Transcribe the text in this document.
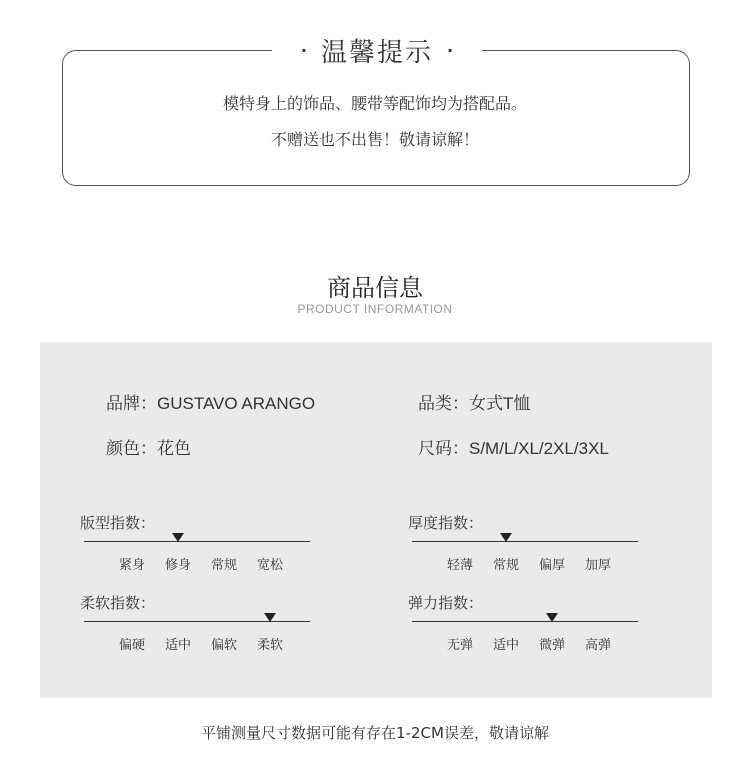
· 温馨提示 ·
模特身上的饰品、腰带等配饰均为搭配品。
不赠送也不出售！敬请谅解！
商品信息
PRODUCT INFORMATION
品牌：GUSTAVO ARANGO	品类：女式T恤
颜色：花色	尺码：S/M/L/XL/2XL/3XL
版型指数：
紧身 修身 常规 宽松
厚度指数：
轻薄 常规 偏厚 加厚
柔软指数：
偏硬 适中 偏软 柔软
弹力指数：
无弹 适中 微弹 高弹
平铺测量尺寸数据可能有存在1-2CM误差，敬请谅解
